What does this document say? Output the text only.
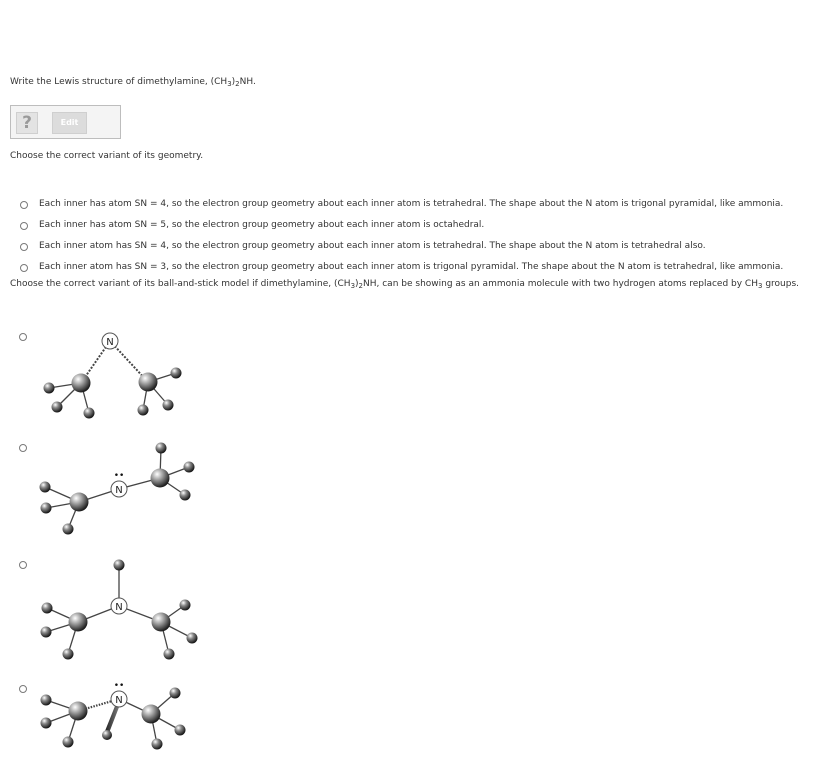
Write the Lewis structure of dimethylamine, $(CH_3)_2NH$.
?	Edit
Choose the correct variant of its geometry.
Each inner has atom SN = 4, so the electron group geometry about each inner atom is tetrahedral. The shape about the N atom is trigonal pyramidal, like ammonia.
Each inner has atom SN = 5, so the electron group geometry about each inner atom is octahedral.
Each inner atom has SN = 4, so the electron group geometry about each inner atom is tetrahedral. The shape about the N atom is tetrahedral also.
Each inner atom has SN = 3, so the electron group geometry about each inner atom is trigonal pyramidal. The shape about the N atom is tetrahedral, like ammonia.
Choose the correct variant of its ball-and-stick model if dimethylamine, $(CH_3)_2NH$, can be showing as an ammonia molecule with two hydrogen atoms replaced by $CH_3$ groups.
N
N
••
N
N
••
